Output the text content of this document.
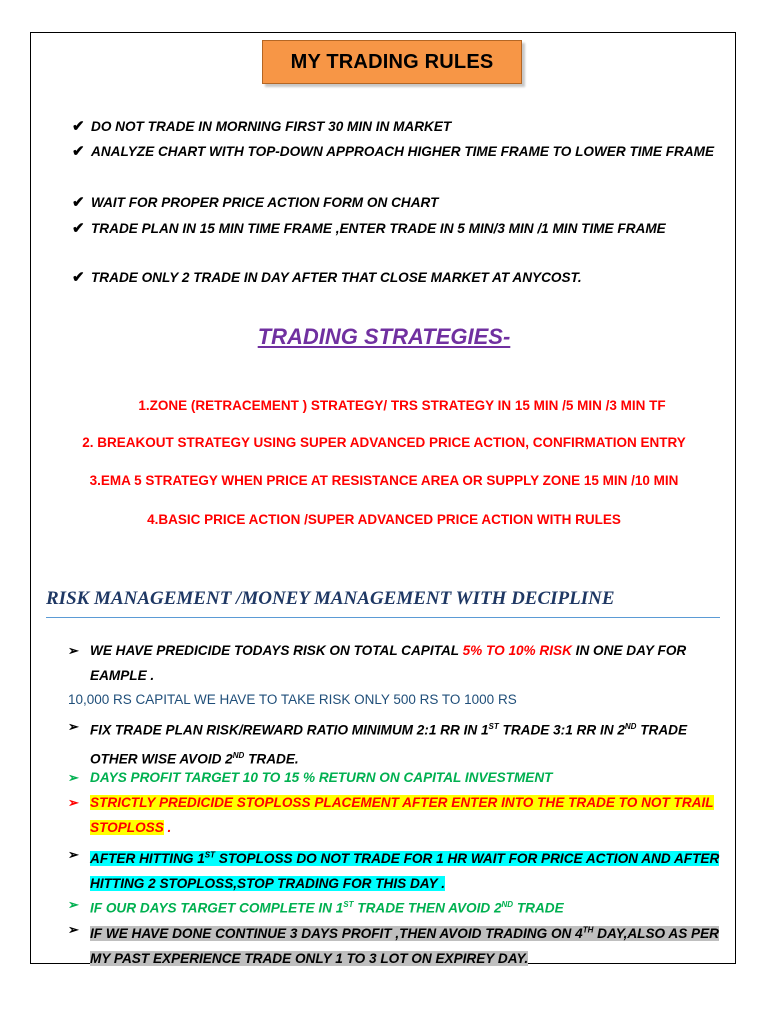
MY TRADING RULES
✔ DO NOT TRADE IN MORNING FIRST 30 MIN IN MARKET
✔ ANALYZE CHART WITH TOP-DOWN APPROACH HIGHER TIME FRAME TO LOWER TIME FRAME
✔ WAIT FOR PROPER PRICE ACTION FORM ON CHART
✔ TRADE PLAN IN 15 MIN TIME FRAME ,ENTER TRADE IN 5 MIN/3 MIN /1 MIN TIME FRAME
✔ TRADE ONLY 2 TRADE IN DAY AFTER THAT CLOSE MARKET AT ANYCOST.
TRADING STRATEGIES-
1.ZONE (RETRACEMENT ) STRATEGY/ TRS STRATEGY IN 15 MIN /5 MIN /3 MIN TF
2. BREAKOUT STRATEGY USING SUPER ADVANCED PRICE ACTION, CONFIRMATION ENTRY
3.EMA 5 STRATEGY WHEN PRICE AT RESISTANCE AREA OR SUPPLY ZONE 15 MIN /10 MIN
4.BASIC PRICE ACTION /SUPER ADVANCED PRICE ACTION WITH RULES
RISK MANAGEMENT /MONEY MANAGEMENT WITH DECIPLINE
➢ WE HAVE PREDICIDE TODAYS RISK ON TOTAL CAPITAL 5% TO 10% RISK IN ONE DAY FOR EAMPLE .
10,000 RS CAPITAL WE HAVE TO TAKE RISK ONLY 500 RS TO 1000 RS
➢ FIX TRADE PLAN RISK/REWARD RATIO MINIMUM 2:1 RR IN 1ST TRADE 3:1 RR IN 2ND TRADE OTHER WISE AVOID 2ND TRADE.
➢ DAYS PROFIT TARGET 10 TO 15 % RETURN ON CAPITAL INVESTMENT
➢ STRICTLY PREDICIDE STOPLOSS PLACEMENT AFTER ENTER INTO THE TRADE TO NOT TRAIL STOPLOSS .
➢ AFTER HITTING 1ST STOPLOSS DO NOT TRADE FOR 1 HR WAIT FOR PRICE ACTION AND AFTER HITTING 2 STOPLOSS,STOP TRADING FOR THIS DAY .
➢ IF OUR DAYS TARGET COMPLETE IN 1ST TRADE THEN AVOID 2ND TRADE
➢ IF WE HAVE DONE CONTINUE 3 DAYS PROFIT ,THEN AVOID TRADING ON 4TH DAY,ALSO AS PER MY PAST EXPERIENCE TRADE ONLY 1 TO 3 LOT ON EXPIREY DAY.
